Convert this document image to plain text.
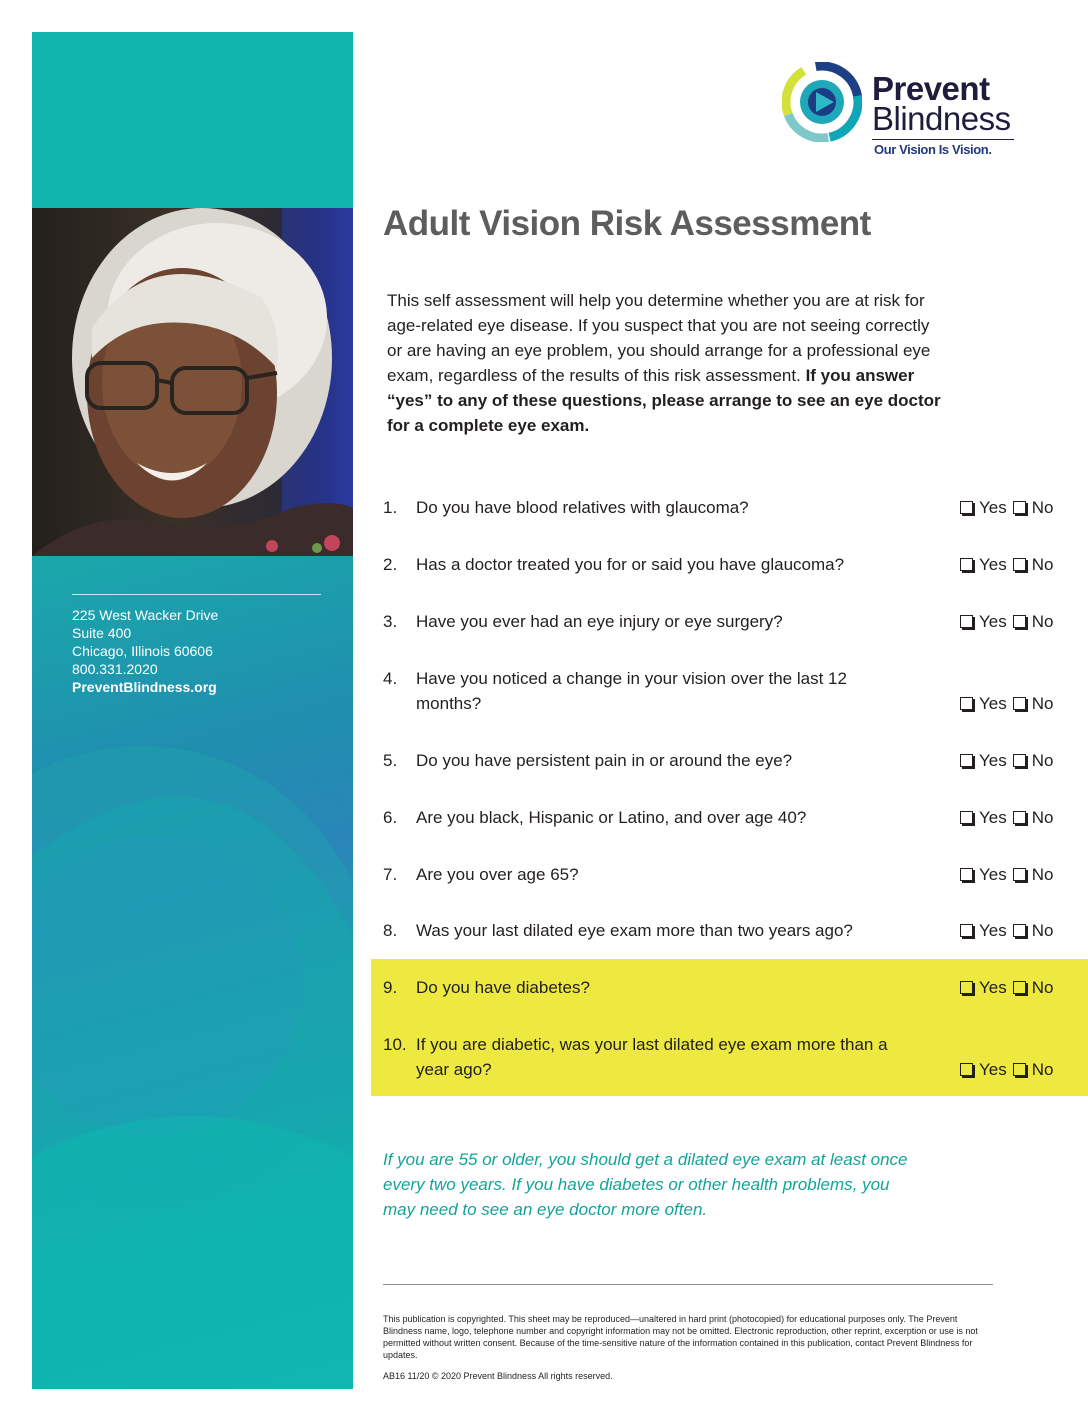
225 West Wacker Drive
Suite 400
Chicago, Illinois 60606
800.331.2020
PreventBlindness.org
Prevent
Blindness
Our Vision Is Vision.
Adult Vision Risk Assessment
This self assessment will help you determine whether you are at risk for age-related eye disease. If you suspect that you are not seeing correctly or are having an eye problem, you should arrange for a professional eye exam, regardless of the results of this risk assessment. If you answer “yes” to any of these questions, please arrange to see an eye doctor for a complete eye exam.
1. Do you have blood relatives with glaucoma?	Yes No
2. Has a doctor treated you for or said you have glaucoma?	Yes No
3. Have you ever had an eye injury or eye surgery?	Yes No
4. Have you noticed a change in your vision over the last 12 months?	Yes No
5. Do you have persistent pain in or around the eye?	Yes No
6. Are you black, Hispanic or Latino, and over age 40?	Yes No
7. Are you over age 65?	Yes No
8. Was your last dilated eye exam more than two years ago?	Yes No
9. Do you have diabetes?	Yes No
10. If you are diabetic, was your last dilated eye exam more than a year ago?	Yes No
If you are 55 or older, you should get a dilated eye exam at least once every two years. If you have diabetes or other health problems, you may need to see an eye doctor more often.
This publication is copyrighted. This sheet may be reproduced—unaltered in hard print (photocopied) for educational purposes only. The Prevent Blindness name, logo, telephone number and copyright information may not be omitted. Electronic reproduction, other reprint, excerption or use is not permitted without written consent. Because of the time-sensitive nature of the information contained in this publication, contact Prevent Blindness for updates.
AB16 11/20 © 2020 Prevent Blindness All rights reserved.
